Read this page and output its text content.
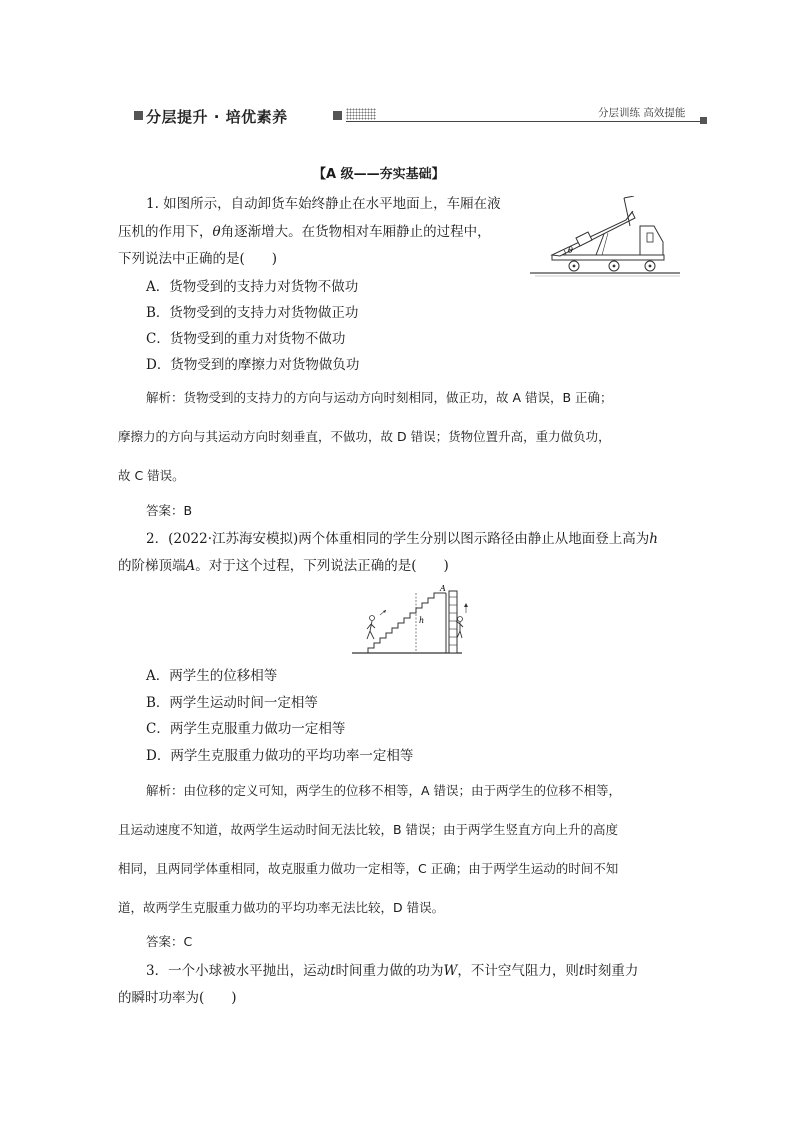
分层提升 · 培优素养	分层训练 高效提能
【A 级——夯实基础】
1. 如图所示，自动卸货车始终静止在水平地面上，车厢在液
压机的作用下，θ角逐渐增大。在货物相对车厢静止的过程中，
下列说法中正确的是(　　)
θ
A．货物受到的支持力对货物不做功
B．货物受到的支持力对货物做正功
C．货物受到的重力对货物不做功
D．货物受到的摩擦力对货物做负功
解析：货物受到的支持力的方向与运动方向时刻相同，做正功，故 A 错误，B 正确；
摩擦力的方向与其运动方向时刻垂直，不做功，故 D 错误；货物位置升高，重力做负功，
故 C 错误。
答案：B
2．(2022·江苏海安模拟)两个体重相同的学生分别以图示路径由静止从地面登上高为h
的阶梯顶端A。对于这个过程，下列说法正确的是(　　)
h
A
A．两学生的位移相等
B．两学生运动时间一定相等
C．两学生克服重力做功一定相等
D．两学生克服重力做功的平均功率一定相等
解析：由位移的定义可知，两学生的位移不相等，A 错误；由于两学生的位移不相等，
且运动速度不知道，故两学生运动时间无法比较，B 错误；由于两学生竖直方向上升的高度
相同，且两同学体重相同，故克服重力做功一定相等，C 正确；由于两学生运动的时间不知
道，故两学生克服重力做功的平均功率无法比较，D 错误。
答案：C
3．一个小球被水平抛出，运动t时间重力做的功为W，不计空气阻力，则t时刻重力
的瞬时功率为(　　)
